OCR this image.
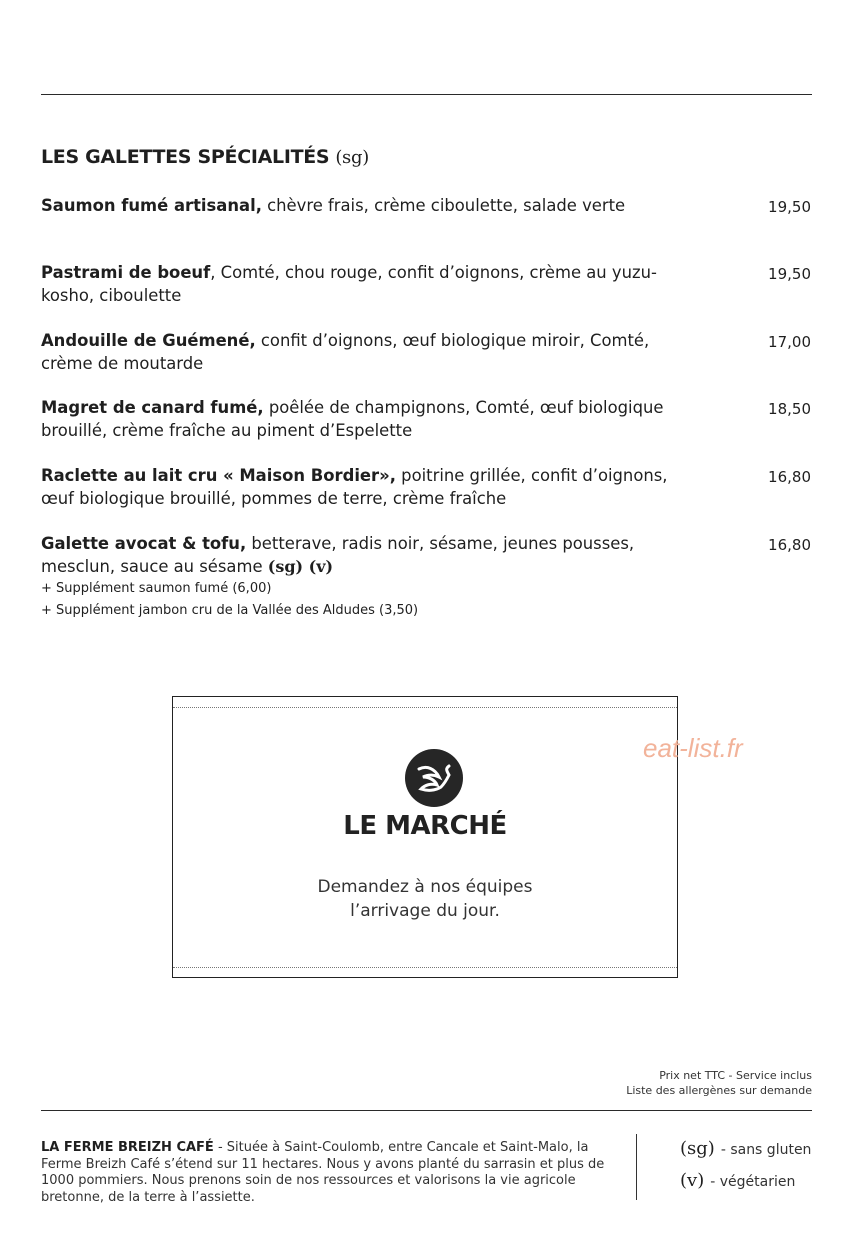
LES GALETTES SPÉCIALITÉS (sg)
Saumon fumé artisanal, chèvre frais, crème ciboulette, salade verte	19,50
Pastrami de boeuf, Comté, chou rouge, confit d’oignons, crème au yuzu-kosho, ciboulette
19,50
Andouille de Guémené, confit d’oignons, œuf biologique miroir, Comté, crème de moutarde
17,00
Magret de canard fumé, poêlée de champignons, Comté, œuf biologique brouillé, crème fraîche au piment d’Espelette
18,50
Raclette au lait cru « Maison Bordier», poitrine grillée, confit d’oignons, œuf biologique brouillé, pommes de terre, crème fraîche
16,80
Galette avocat & tofu, betterave, radis noir, sésame, jeunes pousses, mesclun, sauce au sésame (sg) (v)
16,80
+ Supplément saumon fumé (6,00)
+ Supplément jambon cru de la Vallée des Aldudes (3,50)
LE MARCHÉ
Demandez à nos équipes
l’arrivage du jour.
eat-list.fr
Prix net TTC - Service inclus
Liste des allergènes sur demande
LA FERME BREIZH CAFÉ - Située à Saint-Coulomb, entre Cancale et Saint-Malo, la Ferme Breizh Café s’étend sur 11 hectares. Nous y avons planté du sarrasin et plus de 1000 pommiers. Nous prenons soin de nos ressources et valorisons la vie agricole bretonne, de la terre à l’assiette.
(sg) - sans gluten
(v) - végétarien
